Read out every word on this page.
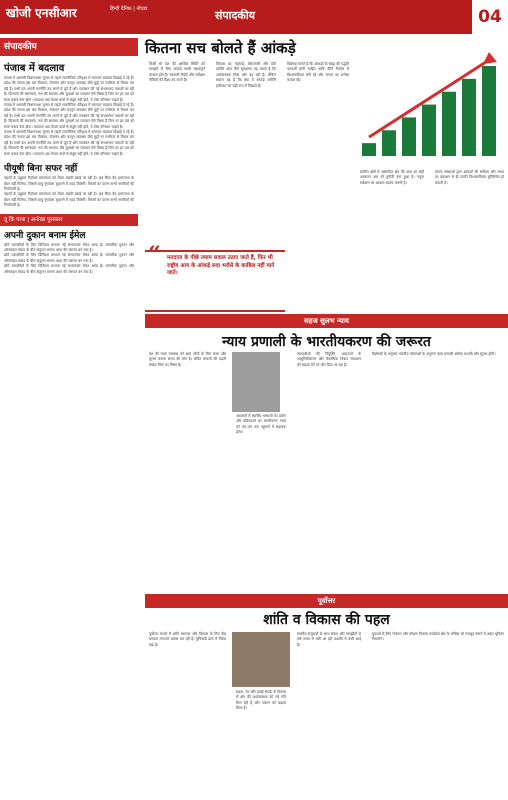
खोजी एनसीआर	हिन्दी दैनिक | नोएडा	संपादकीय	04
संपादकीय
पंजाब में बदलाव
पंजाब में आगामी विधानसभा चुनाव से पहले राजनीतिक परिदृश्य में लगातार बदलाव दिखाई दे रहे हैं। प्रदेश की जनता इस बार विकास, रोजगार और कानून व्यवस्था जैसे मुद्दों पर गंभीरता से विचार कर रही है। सभी दल अपनी रणनीति तय करने में जुटे हैं और गठबंधन की नई संभावनाएं तलाशी जा रही हैं। किसानों की समस्याएं, नशे की समस्या और युवाओं का पलायन ऐसे विषय हैं जिन पर हर दल को स्पष्ट जवाब देना होगा। मतदाता अब केवल वादों से संतुष्ट नहीं होते, वे ठोस परिणाम चाहते हैं।
पंजाब में आगामी विधानसभा चुनाव से पहले राजनीतिक परिदृश्य में लगातार बदलाव दिखाई दे रहे हैं। प्रदेश की जनता इस बार विकास, रोजगार और कानून व्यवस्था जैसे मुद्दों पर गंभीरता से विचार कर रही है। सभी दल अपनी रणनीति तय करने में जुटे हैं और गठबंधन की नई संभावनाएं तलाशी जा रही हैं। किसानों की समस्याएं, नशे की समस्या और युवाओं का पलायन ऐसे विषय हैं जिन पर हर दल को स्पष्ट जवाब देना होगा। मतदाता अब केवल वादों से संतुष्ट नहीं होते, वे ठोस परिणाम चाहते हैं।
पंजाब में आगामी विधानसभा चुनाव से पहले राजनीतिक परिदृश्य में लगातार बदलाव दिखाई दे रहे हैं। प्रदेश की जनता इस बार विकास, रोजगार और कानून व्यवस्था जैसे मुद्दों पर गंभीरता से विचार कर रही है। सभी दल अपनी रणनीति तय करने में जुटे हैं और गठबंधन की नई संभावनाएं तलाशी जा रही हैं। किसानों की समस्याएं, नशे की समस्या और युवाओं का पलायन ऐसे विषय हैं जिन पर हर दल को स्पष्ट जवाब देना होगा। मतदाता अब केवल वादों से संतुष्ट नहीं होते, वे ठोस परिणाम चाहते हैं।
पीयूषी बिना सफर नहीं
वाहनों के प्रदूषण नियंत्रण प्रमाणपत्र को लेकर सख्ती बढ़ाई जा रही है। अब बिना वैध प्रमाणपत्र के ईंधन नहीं मिलेगा, जिससे वायु गुणवत्ता सुधारने में मदद मिलेगी। नियमों का पालन सभी नागरिकों की जिम्मेदारी है।
वाहनों के प्रदूषण नियंत्रण प्रमाणपत्र को लेकर सख्ती बढ़ाई जा रही है। अब बिना वैध प्रमाणपत्र के ईंधन नहीं मिलेगा, जिससे वायु गुणवत्ता सुधारने में मदद मिलेगी। नियमों का पालन सभी नागरिकों की जिम्मेदारी है।
तू कि पाया | अनोखा पुरस्कार
अपनी दुकान बनाम ईमेल
छोटे व्यापारियों के लिए डिजिटल माध्यम नई संभावनाएं लेकर आया है। पारंपरिक दुकान और ऑनलाइन संवाद के बीच संतुलन बनाना आज की जरूरत बन गया है।
छोटे व्यापारियों के लिए डिजिटल माध्यम नई संभावनाएं लेकर आया है। पारंपरिक दुकान और ऑनलाइन संवाद के बीच संतुलन बनाना आज की जरूरत बन गया है।
छोटे व्यापारियों के लिए डिजिटल माध्यम नई संभावनाएं लेकर आया है। पारंपरिक दुकान और ऑनलाइन संवाद के बीच संतुलन बनाना आज की जरूरत बन गया है।
कितना सच बोलते हैं आंकड़े
किसी भी देश की आर्थिक स्थिति को समझने के लिए आंकड़े सबसे महत्वपूर्ण माध्यम होते हैं। सरकारी रिपोर्ट और सर्वेक्षण नीतियों की दिशा तय करते हैं।
विकास दर, महंगाई, बेरोजगारी और प्रति व्यक्ति आय जैसे सूचकांक यह बताते हैं कि अर्थव्यवस्था किस ओर बढ़ रही है। लेकिन सवाल यह है कि क्या ये आंकड़े जमीनी हकीकत को सही रूप में दिखाते हैं।
विशेषज्ञ मानते हैं कि आंकड़ों के संग्रह की पद्धति पारदर्शी होनी चाहिए ताकि नीति निर्माण में विश्वसनीयता बनी रहे और जनता का भरोसा कायम रहे।
ग्रामीण क्षेत्रों में असंगठित क्षेत्र की आय का सही आकलन अब भी चुनौती बना हुआ है। नमूना सर्वेक्षण का आकार बढ़ाना जरूरी है।
स्वतंत्र संस्थाओं द्वारा आंकड़ों की समीक्षा और समय पर प्रकाशन से ही उनकी विश्वसनीयता सुनिश्चित हो सकती है।
“ मतदाता के पीछे तमाम सवाल उठाए जाते हैं, फिर भी राष्ट्रीय आय के आंकड़े सदा भरोसे के काबिल नहीं माने जाते।
सहज सुलभ न्याय
न्याय प्रणाली के भारतीयकरण की जरूरत
देश की न्याय व्यवस्था को आम लोगों के लिए सरल और सुलभ बनाना समय की मांग है। लंबित मामलों की बढ़ती संख्या चिंता का विषय है।
अदालतों में स्थानीय भाषाओं का प्रयोग और प्रक्रियाओं का सरलीकरण न्याय को जन-जन तक पहुंचाने में सहायक होगा।
न्यायाधीशों की नियुक्ति, अदालतों के आधुनिकीकरण और वैकल्पिक विवाद समाधान को बढ़ावा देने पर जोर दिया जा रहा है।
विशेषज्ञों के अनुसार भारतीय परंपराओं के अनुरूप न्याय प्रणाली अधिक प्रभावी और सुलभ होगी।
पूर्वोत्तर
शांति व विकास की पहल
पूर्वोत्तर राज्यों में शांति स्थापना और विकास के लिए केंद्र सरकार लगातार प्रयास कर रही है। बुनियादी ढांचे में निवेश बढ़ा है।
सड़क, रेल और हवाई संपर्क के विस्तार से क्षेत्र की अर्थव्यवस्था को नई गति मिल रही है और पर्यटन को बढ़ावा मिला है।
स्थानीय समुदायों के साथ संवाद और समझौतों से लंबे समय से चली आ रही अशांति में कमी आई है।
युवाओं के लिए रोजगार और कौशल विकास कार्यक्रम क्षेत्र के भविष्य को मजबूत बनाने में अहम भूमिका निभाएंगे।
